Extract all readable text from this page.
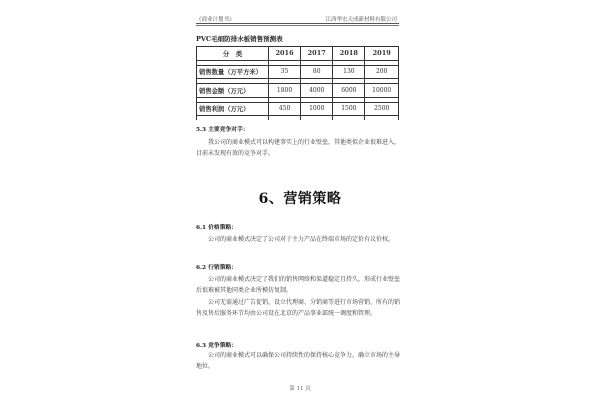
《商业计划书》	江西华宏天成新材料有限公司
PVC毛细防排水板销售预测表
分　类	2016	2017	2018	2019

销售数量（万平方米）	35	80	130	200

销售金额（万元）	1800	4000	6000	10000

销售利润（万元）	450	1000	1500	2500

5.3 主要竞争对手：
我公司的商业模式可以构建事实上的行业壁垒，其他类似企业很难进入，目前未发现有效的竞争对手。
6、营销策略
6.1 价格策略：
公司的商业模式决定了公司对于主力产品在终端市场的定价有议价权。
6.2 行销策略：
公司的商业模式决定了我们的销售网络和渠道稳定且持久，形成行业壁垒后很难被其他同类企业所模仿复制。
公司无需通过广告促销，设立代理商、分销商等进行市场营销，所有的销售及售后服务环节均由公司设在北京的产品事业部统一调度和管理。
6.3 竞争策略：
公司的商业模式可以确保公司持续性的保持核心竞争力，确立市场的主导地位。
第 11 页
